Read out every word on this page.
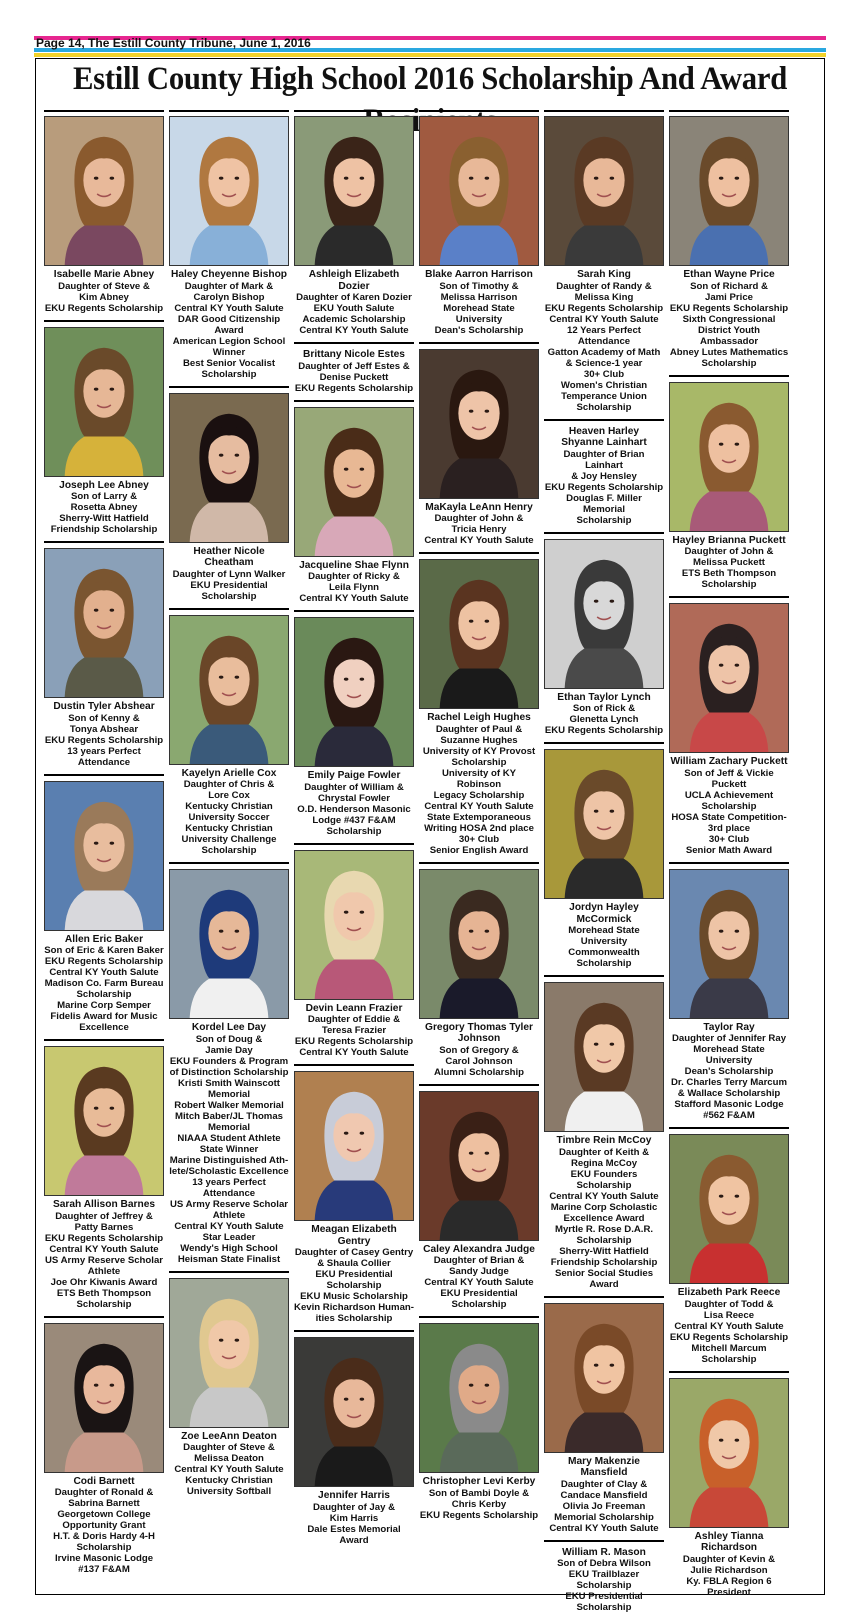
Page 14, The Estill County Tribune, June 1, 2016
Estill County High School 2016 Scholarship And Award
Isabelle Marie Abney
Daughter of Steve &
Kim Abney
EKU Regents Scholarship
Joseph Lee Abney
Son of Larry &
Rosetta Abney
Sherry-Witt Hatfield
Friendship Scholarship
Dustin Tyler Abshear
Son of Kenny &
Tonya Abshear
EKU Regents Scholarship
13 years Perfect
Attendance
Allen Eric Baker
Son of Eric & Karen Baker
EKU Regents Scholarship
Central KY Youth Salute
Madison Co. Farm Bureau
Scholarship
Marine Corp Semper
Fidelis Award for Music
Excellence
Sarah Allison Barnes
Daughter of Jeffrey &
Patty Barnes
EKU Regents Scholarship
Central KY Youth Salute
US Army Reserve Scholar
Athlete
Joe Ohr Kiwanis Award
ETS Beth Thompson
Scholarship
Codi Barnett
Daughter of Ronald &
Sabrina Barnett
Georgetown College
Opportunity Grant
H.T. & Doris Hardy 4-H
Scholarship
Irvine Masonic Lodge #137 F&AM
Haley Cheyenne Bishop
Daughter of Mark &
Carolyn Bishop
Central KY Youth Salute
DAR Good Citizenship
Award
American Legion School
Winner
Best Senior Vocalist
Scholarship
Heather Nicole Cheatham
Daughter of Lynn Walker
EKU Presidential
Scholarship
Kayelyn Arielle Cox
Daughter of Chris &
Lore Cox
Kentucky Christian
University Soccer
Kentucky Christian
University Challenge
Scholarship
Kordel Lee Day
Son of Doug &
Jamie Day
EKU Founders & Program
of Distinction Scholarship
Kristi Smith Wainscott
Memorial
Robert Walker Memorial
Mitch Baber/JL Thomas
Memorial
NIAAA Student Athlete
State Winner
Marine Distinguished Ath-
lete/Scholastic Excellence
13 years Perfect
Attendance
US Army Reserve Scholar
Athlete
Central KY Youth Salute
Star Leader
Wendy's High School
Heisman State Finalist
Zoe LeeAnn Deaton
Daughter of Steve &
Melissa Deaton
Central KY Youth Salute
Kentucky Christian
University Softball
Ashleigh Elizabeth Dozier
Daughter of Karen Dozier
EKU Youth Salute
Academic Scholarship
Central KY Youth Salute
Brittany Nicole Estes
Daughter of Jeff Estes &
Denise Puckett
EKU Regents Scholarship
Jacqueline Shae Flynn
Daughter of Ricky &
Leila Flynn
Central KY Youth Salute
Emily Paige Fowler
Daughter of William &
Chrystal Fowler
O.D. Henderson Masonic
Lodge #437 F&AM
Scholarship
Devin Leann Frazier
Daughter of Eddie &
Teresa Frazier
EKU Regents Scholarship
Central KY Youth Salute
Meagan Elizabeth Gentry
Daughter of Casey Gentry
& Shaula Collier
EKU Presidential
Scholarship
EKU Music Scholarship
Kevin Richardson Human-
ities Scholarship
Jennifer Harris
Daughter of Jay &
Kim Harris
Dale Estes Memorial
Award
Blake Aarron Harrison
Son of Timothy &
Melissa Harrison
Morehead State University
Dean's Scholarship
MaKayla LeAnn Henry
Daughter of John &
Tricia Henry
Central KY Youth Salute
Rachel Leigh Hughes
Daughter of Paul &
Suzanne Hughes
University of KY Provost
Scholarship
University of KY Robinson
Legacy Scholarship
Central KY Youth Salute
State Extemporaneous
Writing HOSA 2nd place
30+ Club
Senior English Award
Gregory Thomas Tyler
Johnson
Son of Gregory &
Carol Johnson
Alumni Scholarship
Caley Alexandra Judge
Daughter of Brian &
Sandy Judge
Central KY Youth Salute
EKU Presidential
Scholarship
Christopher Levi Kerby
Son of Bambi Doyle &
Chris Kerby
EKU Regents Scholarship
Sarah King
Daughter of Randy &
Melissa King
EKU Regents Scholarship
Central KY Youth Salute
12 Years Perfect
Attendance
Gatton Academy of Math
& Science-1 year
30+ Club
Women's Christian
Temperance Union
Scholarship
Heaven Harley
Shyanne Lainhart
Daughter of Brian Lainhart
& Joy Hensley
EKU Regents Scholarship
Douglas F. Miller Memorial
Scholarship
Ethan Taylor Lynch
Son of Rick &
Glenetta Lynch
EKU Regents Scholarship
Jordyn Hayley McCormick
Morehead State University
Commonwealth
Scholarship
Timbre Rein McCoy
Daughter of Keith &
Regina McCoy
EKU Founders
Scholarship
Central KY Youth Salute
Marine Corp Scholastic
Excellence Award
Myrtle R. Rose D.A.R.
Scholarship
Sherry-Witt Hatfield
Friendship Scholarship
Senior Social Studies
Award
Mary Makenzie Mansfield
Daughter of Clay &
Candace Mansfield
Olivia Jo Freeman
Memorial Scholarship
Central KY Youth Salute
William R. Mason
Son of Debra Wilson
EKU Trailblazer
Scholarship
EKU Presidential
Scholarship
Ethan Wayne Price
Son of Richard &
Jami Price
EKU Regents Scholarship
Sixth Congressional
District Youth
Ambassador
Abney Lutes Mathematics
Scholarship
Hayley Brianna Puckett
Daughter of John &
Melissa Puckett
ETS Beth Thompson
Scholarship
William Zachary Puckett
Son of Jeff & Vickie
Puckett
UCLA Achievement
Scholarship
HOSA State Competition-
3rd place
30+ Club
Senior Math Award
Taylor Ray
Daughter of Jennifer Ray
Morehead State University
Dean's Scholarship
Dr. Charles Terry Marcum
& Wallace Scholarship
Stafford Masonic Lodge
#562 F&AM
Elizabeth Park Reece
Daughter of Todd &
Lisa Reece
Central KY Youth Salute
EKU Regents Scholarship
Mitchell Marcum
Scholarship
Ashley Tianna Richardson
Daughter of Kevin &
Julie Richardson
Ky. FBLA Region 6 President
